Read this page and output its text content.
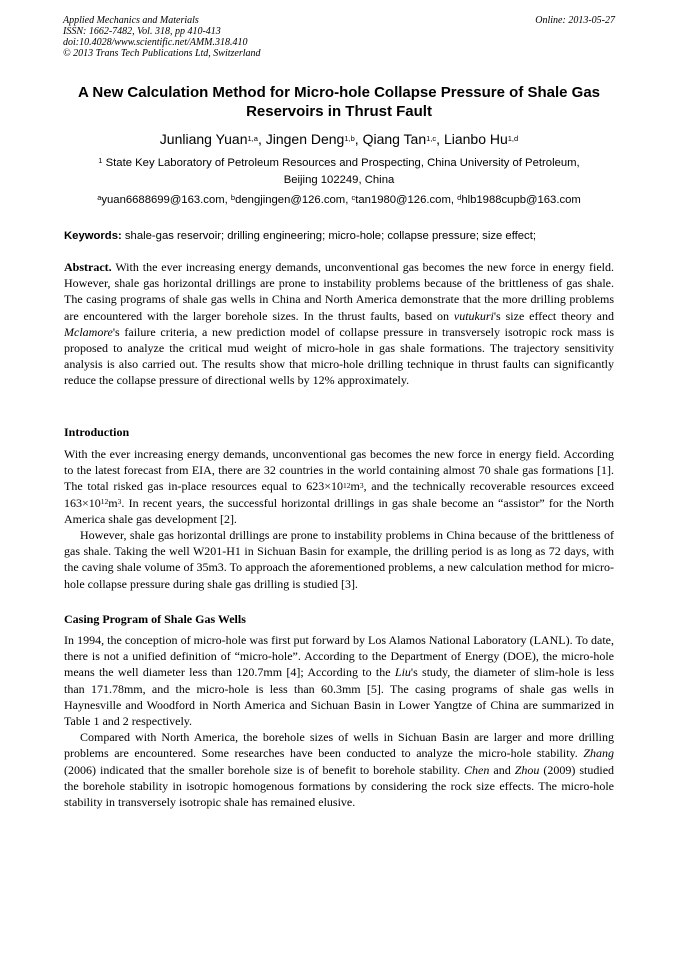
Applied Mechanics and Materials
ISSN: 1662-7482, Vol. 318, pp 410-413
doi:10.4028/www.scientific.net/AMM.318.410
© 2013 Trans Tech Publications Ltd, Switzerland
Online: 2013-05-27
A New Calculation Method for Micro-hole Collapse Pressure of Shale Gas Reservoirs in Thrust Fault
Junliang Yuan$^{1,a}$, Jingen Deng$^{1,b}$, Qiang Tan$^{1,c}$, Lianbo Hu$^{1,d}$
$^1$ State Key Laboratory of Petroleum Resources and Prospecting, China University of Petroleum,
Beijing 102249, China
$^a$yuan6688699@163.com, $^b$dengjingen@126.com, $^c$tan1980@126.com, $^d$hlb1988cupb@163.com
Keywords: shale-gas reservoir; drilling engineering; micro-hole; collapse pressure; size effect;
Abstract. With the ever increasing energy demands, unconventional gas becomes the new force in energy field. However, shale gas horizontal drillings are prone to instability problems because of the brittleness of gas shale. The casing programs of shale gas wells in China and North America demonstrate that the more drilling problems are encountered with the larger borehole sizes. In the thrust faults, based on vutukuri's size effect theory and Mclamore's failure criteria, a new prediction model of collapse pressure in transversely isotropic rock mass is proposed to analyze the critical mud weight of micro-hole in gas shale formations. The trajectory sensitivity analysis is also carried out. The results show that micro-hole drilling technique in thrust faults can significantly reduce the collapse pressure of directional wells by 12% approximately.
Introduction

With the ever increasing energy demands, unconventional gas becomes the new force in energy field. According to the latest forecast from EIA, there are 32 countries in the world containing almost 70 shale gas formations [1]. The total risked gas in-place resources equal to $623\times 10^{12}m^3$, and the technically recoverable resources exceed $163\times 10^{12}m^3$. In recent years, the successful horizontal drillings in gas shale become an “assistor” for the North America shale gas development [2].

However, shale gas horizontal drillings are prone to instability problems in China because of the brittleness of gas shale. Taking the well W201-H1 in Sichuan Basin for example, the drilling period is as long as 72 days, with the caving shale volume of 35m3. To approach the aforementioned problems, a new calculation method for micro-hole collapse pressure during shale gas drilling is studied [3].

Casing Program of Shale Gas Wells

In 1994, the conception of micro-hole was first put forward by Los Alamos National Laboratory (LANL). To date, there is not a unified definition of “micro-hole”. According to the Department of Energy (DOE), the micro-hole means the well diameter less than 120.7mm [4]; According to the Liu's study, the diameter of slim-hole is less than 171.78mm, and the micro-hole is less than 60.3mm [5]. The casing programs of shale gas wells in Haynesville and Woodford in North America and Sichuan Basin in Lower Yangtze of China are summarized in Table 1 and 2 respectively.

Compared with North America, the borehole sizes of wells in Sichuan Basin are larger and more drilling problems are encountered. Some researches have been conducted to analyze the micro-hole stability. Zhang (2006) indicated that the smaller borehole size is of benefit to borehole stability. Chen and Zhou (2009) studied the borehole stability in isotropic homogenous formations by considering the rock size effects. The micro-hole stability in transversely isotropic shale has remained elusive.
